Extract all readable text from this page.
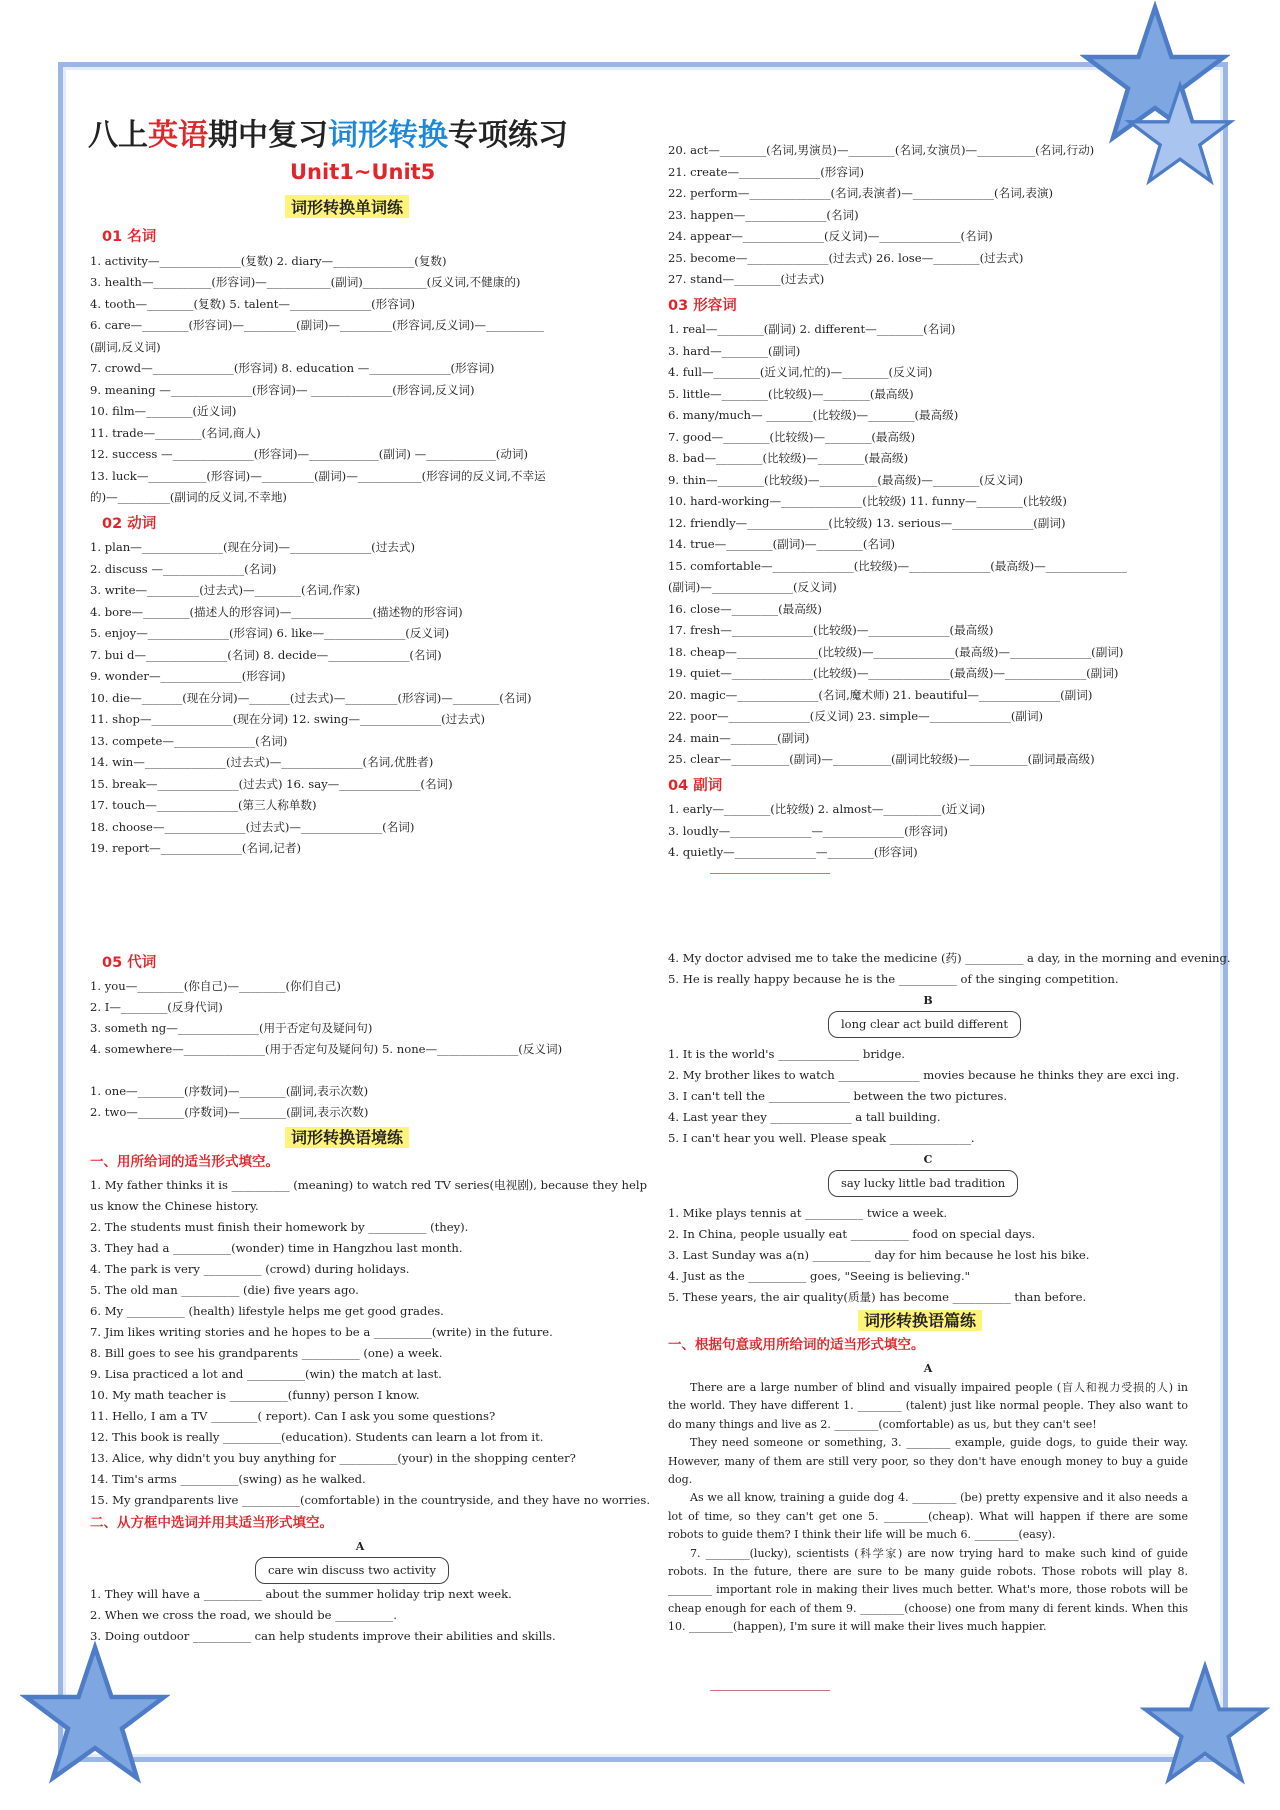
八上英语期中复习词形转换专项练习
Unit1~Unit5
词形转换单词练
01 名词
1. activity—______________(复数) 2. diary—______________(复数)
3. health—__________(形容词)—___________(副词)___________(反义词,不健康的)
4. tooth—________(复数) 5. talent—______________(形容词)
6. care—________(形容词)—_________(副词)—_________(形容词,反义词)—__________
(副词,反义词)
7. crowd—______________(形容词) 8. education —______________(形容词)
9. meaning —______________(形容词)— ______________(形容词,反义词)
10. film—________(近义词)
11. trade—________(名词,商人)
12. success —______________(形容词)—____________(副词) —____________(动词)
13. luck—__________(形容词)—_________(副词)—___________(形容词的反义词,不幸运
的)—_________(副词的反义词,不幸地)
02 动词
1. plan—______________(现在分词)—______________(过去式)
2. discuss —______________(名词)
3. write—_________(过去式)—________(名词,作家)
4. bore—________(描述人的形容词)—______________(描述物的形容词)
5. enjoy—______________(形容词) 6. like—______________(反义词)
7. bui d—______________(名词) 8. decide—______________(名词)
9. wonder—______________(形容词)
10. die—_______(现在分词)—_______(过去式)—_________(形容词)—________(名词)
11. shop—______________(现在分词) 12. swing—______________(过去式)
13. compete—______________(名词)
14. win—______________(过去式)—______________(名词,优胜者)
15. break—______________(过去式) 16. say—______________(名词)
17. touch—______________(第三人称单数)
18. choose—______________(过去式)—______________(名词)
19. report—______________(名词,记者)
20. act—________(名词,男演员)—________(名词,女演员)—__________(名词,行动)
21. create—______________(形容词)
22. perform—______________(名词,表演者)—______________(名词,表演)
23. happen—______________(名词)
24. appear—______________(反义词)—______________(名词)
25. become—______________(过去式) 26. lose—________(过去式)
27. stand—________(过去式)
03 形容词
1. real—________(副词) 2. different—________(名词)
3. hard—________(副词)
4. full—________(近义词,忙的)—________(反义词)
5. little—________(比较级)—________(最高级)
6. many/much— ________(比较级)—________(最高级)
7. good—________(比较级)—________(最高级)
8. bad—________(比较级)—________(最高级)
9. thin—________(比较级)—__________(最高级)—________(反义词)
10. hard-working—______________(比较级) 11. funny—________(比较级)
12. friendly—______________(比较级) 13. serious—______________(副词)
14. true—________(副词)—________(名词)
15. comfortable—______________(比较级)—______________(最高级)—______________
(副词)—______________(反义词)
16. close—________(最高级)
17. fresh—______________(比较级)—______________(最高级)
18. cheap—______________(比较级)—______________(最高级)—______________(副词)
19. quiet—______________(比较级)—______________(最高级)—______________(副词)
20. magic—______________(名词,魔术师) 21. beautiful—______________(副词)
22. poor—______________(反义词) 23. simple—______________(副词)
24. main—________(副词)
25. clear—__________(副词)—__________(副词比较级)—__________(副词最高级)
04 副词
1. early—________(比较级) 2. almost—__________(近义词)
3. loudly—______________—______________(形容词)
4. quietly—______________—________(形容词)
05 代词
1. you—________(你自己)—________(你们自己)
2. I—________(反身代词)
3. someth ng—______________(用于否定句及疑问句)
4. somewhere—______________(用于否定句及疑问句) 5. none—______________(反义词)

1. one—________(序数词)—________(副词,表示次数)
2. two—________(序数词)—________(副词,表示次数)
词形转换语境练
一、用所给词的适当形式填空。
1. My father thinks it is __________ (meaning) to watch red TV series(电视剧), because they help
us know the Chinese history.
2. The students must finish their homework by __________ (they).
3. They had a __________(wonder) time in Hangzhou last month.
4. The park is very __________ (crowd) during holidays.
5. The old man __________ (die) five years ago.
6. My __________ (health) lifestyle helps me get good grades.
7. Jim likes writing stories and he hopes to be a __________(write) in the future.
8. Bill goes to see his grandparents __________ (one) a week.
9. Lisa practiced a lot and __________(win) the match at last.
10. My math teacher is __________(funny) person I know.
11. Hello, I am a TV ________( report). Can I ask you some questions?
12. This book is really __________(education). Students can learn a lot from it.
13. Alice, why didn't you buy anything for __________(your) in the shopping center?
14. Tim's arms __________(swing) as he walked.
15. My grandparents live __________(comfortable) in the countryside, and they have no worries.
二、从方框中选词并用其适当形式填空。
A
care win discuss two activity
1. They will have a __________ about the summer holiday trip next week.
2. When we cross the road, we should be __________.
3. Doing outdoor __________ can help students improve their abilities and skills.
4. My doctor advised me to take the medicine (药) __________ a day, in the morning and evening.
5. He is really happy because he is the __________ of the singing competition.
B
long clear act build different
1. It is the world's ______________ bridge.
2. My brother likes to watch ______________ movies because he thinks they are exci ing.
3. I can't tell the ______________ between the two pictures.
4. Last year they ______________ a tall building.
5. I can't hear you well. Please speak ______________.
C
say lucky little bad tradition
1. Mike plays tennis at __________ twice a week.
2. In China, people usually eat __________ food on special days.
3. Last Sunday was a(n) __________ day for him because he lost his bike.
4. Just as the __________ goes, "Seeing is believing."
5. These years, the air quality(质量) has become __________ than before.
词形转换语篇练
一、根据句意或用所给词的适当形式填空。
A
There are a large number of blind and visually impaired people (盲人和视力受损的人) in the world. They have different 1. ________ (talent) just like normal people. They also want to do many things and live as 2. ________(comfortable) as us, but they can't see!
They need someone or something, 3. ________ example, guide dogs, to guide their way. However, many of them are still very poor, so they don't have enough money to buy a guide dog.
As we all know, training a guide dog 4. ________ (be) pretty expensive and it also needs a lot of time, so they can't get one 5. ________(cheap). What will happen if there are some robots to guide them? I think their life will be much 6. ________(easy).
7. ________(lucky), scientists (科学家) are now trying hard to make such kind of guide robots. In the future, there are sure to be many guide robots. Those robots will play 8. ________ important role in making their lives much better. What's more, those robots will be cheap enough for each of them 9. ________(choose) one from many di ferent kinds. When this 10. ________(happen), I'm sure it will make their lives much happier.
